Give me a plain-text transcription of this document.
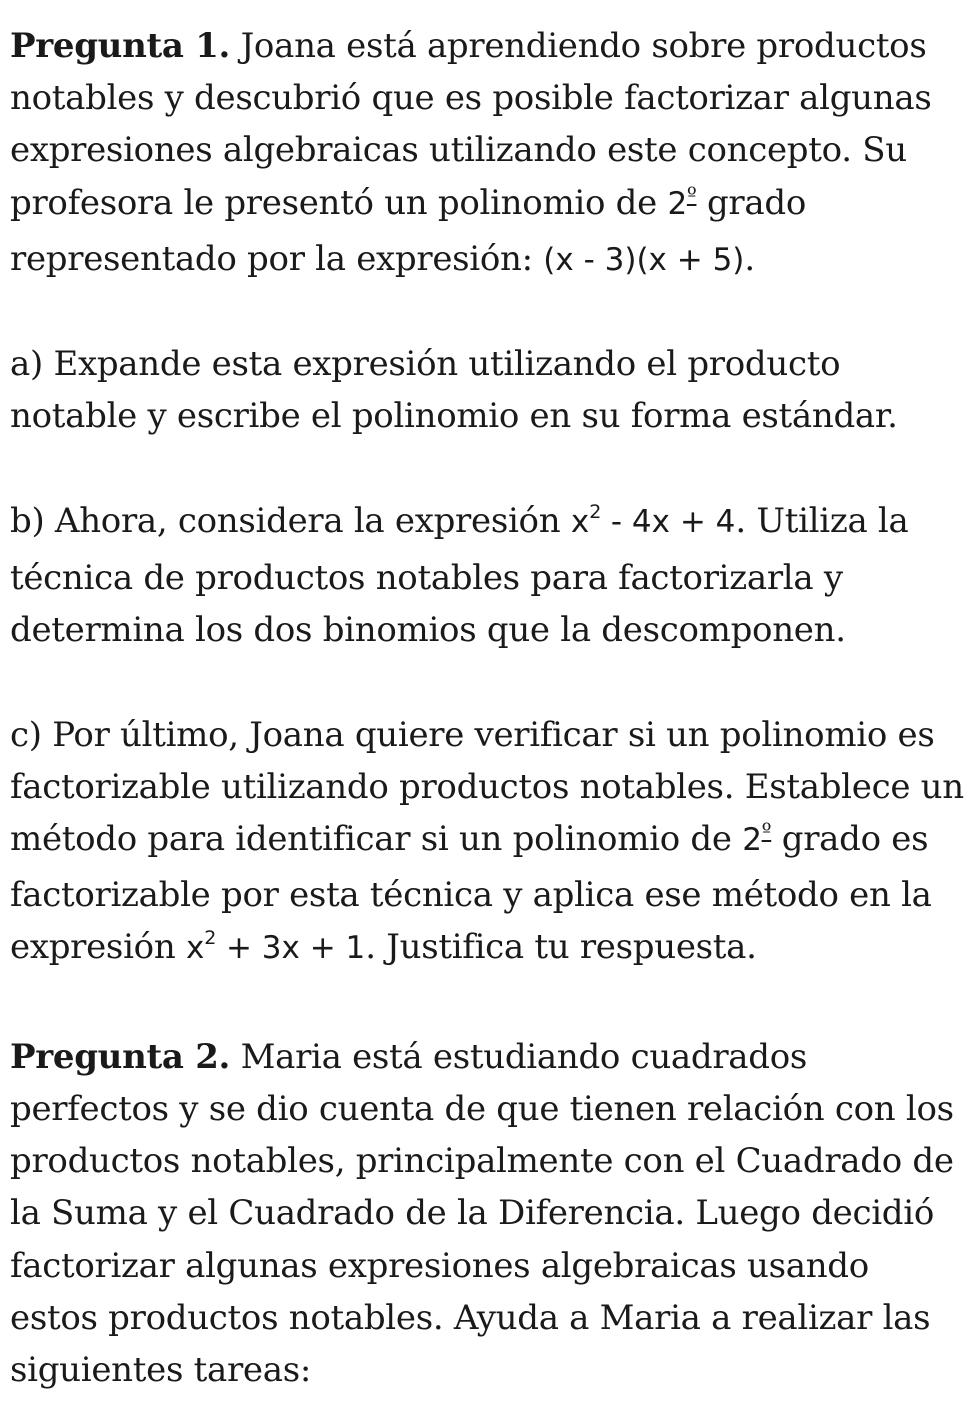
Pregunta 1. Joana está aprendiendo sobre productos notables y descubrió que es posible factorizar algunas expresiones algebraicas utilizando este concepto. Su profesora le presentó un polinomio de $2^º$ grado representado por la expresión: (x - 3)(x + 5).

a) Expande esta expresión utilizando el producto notable y escribe el polinomio en su forma estándar.

b) Ahora, considera la expresión $x^2 - 4x + 4$. Utiliza la técnica de productos notables para factorizarla y determina los dos binomios que la descomponen.

c) Por último, Joana quiere verificar si un polinomio es factorizable utilizando productos notables. Establece un método para identificar si un polinomio de $2^º$ grado es factorizable por esta técnica y aplica ese método en la expresión $x^2 + 3x + 1$. Justifica tu respuesta.

Pregunta 2. Maria está estudiando cuadrados perfectos y se dio cuenta de que tienen relación con los productos notables, principalmente con el Cuadrado de la Suma y el Cuadrado de la Diferencia. Luego decidió factorizar algunas expresiones algebraicas usando estos productos notables. Ayuda a Maria a realizar las siguientes tareas:
